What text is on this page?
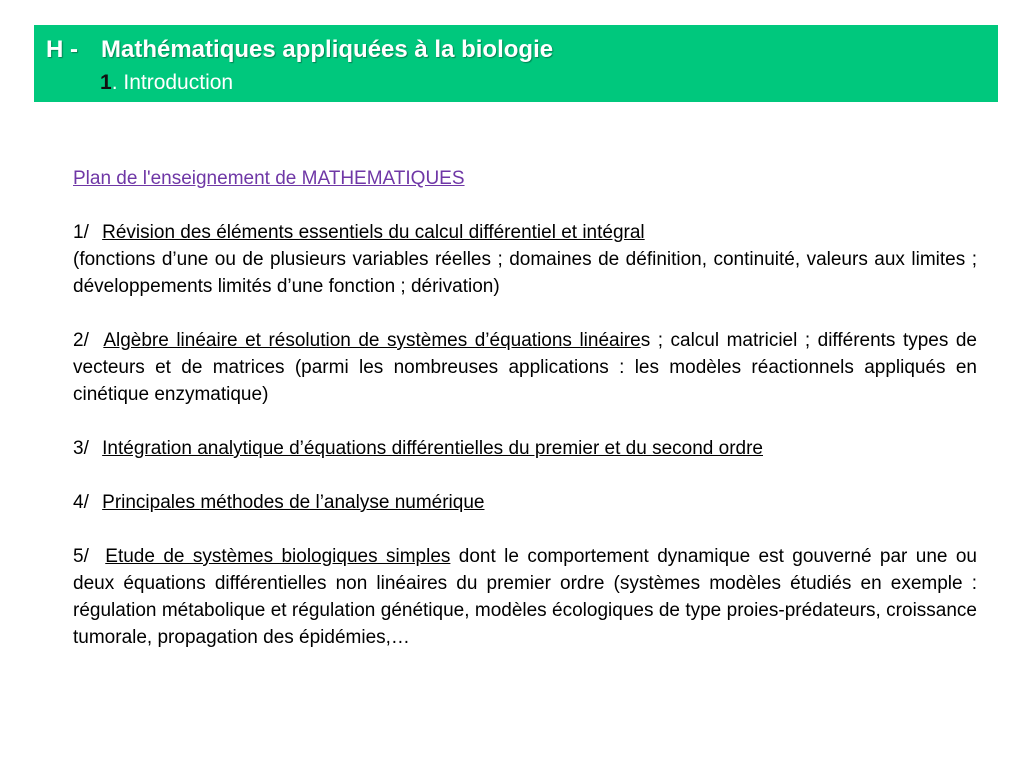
H - Mathématiques appliquées à la biologie
1. Introduction
Plan de l'enseignement de MATHEMATIQUES
1/ Révision des éléments essentiels du calcul différentiel et intégral
(fonctions d’une ou de plusieurs variables réelles ; domaines de définition, continuité, valeurs aux limites ; développements limités d’une fonction ; dérivation)
2/ Algèbre linéaire et résolution de systèmes d’équations linéaires ; calcul matriciel ; différents types de vecteurs et de matrices (parmi les nombreuses applications : les modèles réactionnels appliqués en cinétique enzymatique)
3/ Intégration analytique d’équations différentielles du premier et du second ordre
4/ Principales méthodes de l’analyse numérique
5/ Etude de systèmes biologiques simples dont le comportement dynamique est gouverné par une ou deux équations différentielles non linéaires du premier ordre (systèmes modèles étudiés en exemple : régulation métabolique et régulation génétique, modèles écologiques de type proies-prédateurs, croissance tumorale, propagation des épidémies,…
